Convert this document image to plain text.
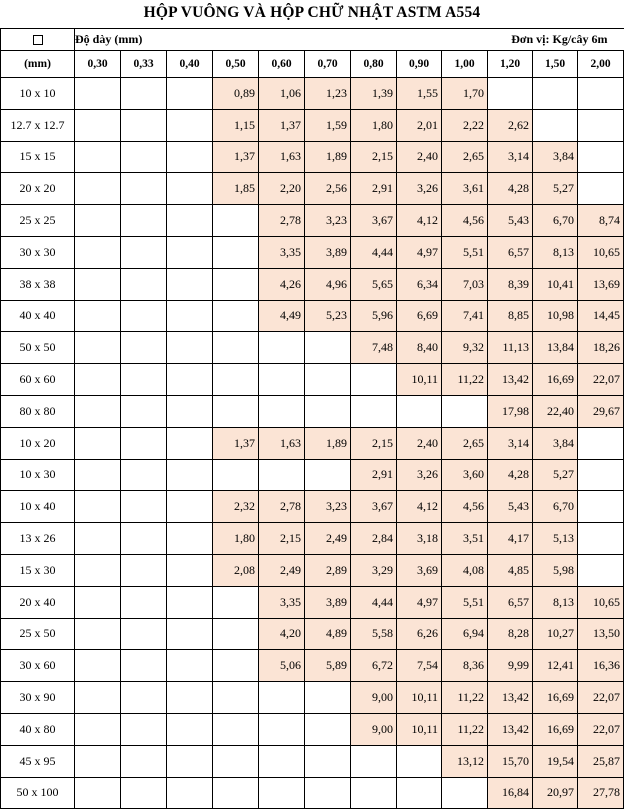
HỘP VUÔNG VÀ HỘP CHỮ NHẬT ASTM A554
	Độ dày (mm)									Đơn vị: Kg/cây 6m		
(mm)	0,30	0,33	0,40	0,50	0,60	0,70	0,80	0,90	1,00	1,20	1,50	2,00
10 x 10				0,89	1,06	1,23	1,39	1,55	1,70			
12.7 x 12.7				1,15	1,37	1,59	1,80	2,01	2,22	2,62		
15 x 15				1,37	1,63	1,89	2,15	2,40	2,65	3,14	3,84	
20 x 20				1,85	2,20	2,56	2,91	3,26	3,61	4,28	5,27	
25 x 25					2,78	3,23	3,67	4,12	4,56	5,43	6,70	8,74
30 x 30					3,35	3,89	4,44	4,97	5,51	6,57	8,13	10,65
38 x 38					4,26	4,96	5,65	6,34	7,03	8,39	10,41	13,69
40 x 40					4,49	5,23	5,96	6,69	7,41	8,85	10,98	14,45
50 x 50							7,48	8,40	9,32	11,13	13,84	18,26
60 x 60								10,11	11,22	13,42	16,69	22,07
80 x 80										17,98	22,40	29,67
10 x 20				1,37	1,63	1,89	2,15	2,40	2,65	3,14	3,84	
10 x 30							2,91	3,26	3,60	4,28	5,27	
10 x 40				2,32	2,78	3,23	3,67	4,12	4,56	5,43	6,70	
13 x 26				1,80	2,15	2,49	2,84	3,18	3,51	4,17	5,13	
15 x 30				2,08	2,49	2,89	3,29	3,69	4,08	4,85	5,98	
20 x 40					3,35	3,89	4,44	4,97	5,51	6,57	8,13	10,65
25 x 50					4,20	4,89	5,58	6,26	6,94	8,28	10,27	13,50
30 x 60					5,06	5,89	6,72	7,54	8,36	9,99	12,41	16,36
30 x 90							9,00	10,11	11,22	13,42	16,69	22,07
40 x 80							9,00	10,11	11,22	13,42	16,69	22,07
45 x 95									13,12	15,70	19,54	25,87
50 x 100										16,84	20,97	27,78
